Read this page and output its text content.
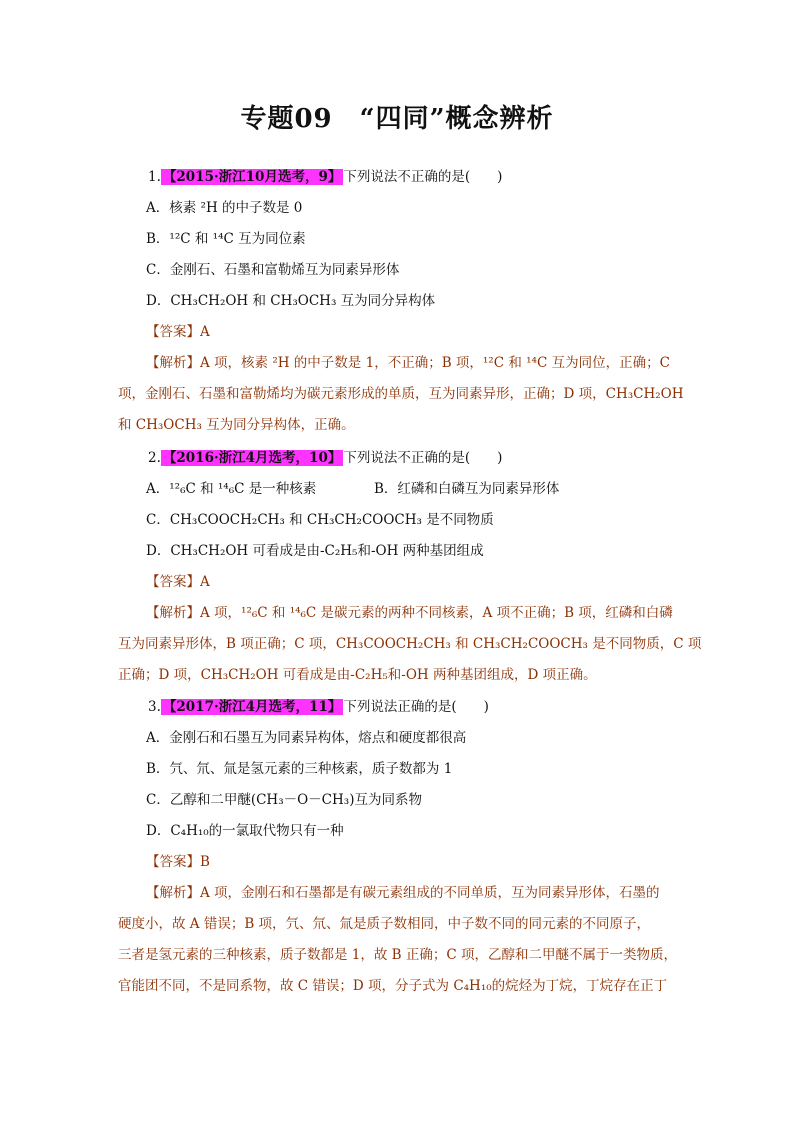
专题09　“四同”概念辨析
1. 【2015·浙江10月选考，9】 下列说法不正确的是(　　)
A．核素 ²H 的中子数是 0
B．¹²C 和 ¹⁴C 互为同位素
C．金刚石、石墨和富勒烯互为同素异形体
D．CH₃CH₂OH 和 CH₃OCH₃ 互为同分异构体
【答案】A
【解析】A 项，核素 ²H 的中子数是 1，不正确；B 项，¹²C 和 ¹⁴C 互为同位，正确；C
项，金刚石、石墨和富勒烯均为碳元素形成的单质，互为同素异形，正确；D 项，CH₃CH₂OH
和 CH₃OCH₃ 互为同分异构体，正确。
2. 【2016·浙江4月选考，10】 下列说法不正确的是(　　)
A．¹²₆C 和 ¹⁴₆C 是一种核素	B．红磷和白磷互为同素异形体
C．CH₃COOCH₂CH₃ 和 CH₃CH₂COOCH₃ 是不同物质
D．CH₃CH₂OH 可看成是由-C₂H₅和-OH 两种基团组成
【答案】A
【解析】A 项，¹²₆C 和 ¹⁴₆C 是碳元素的两种不同核素，A 项不正确；B 项，红磷和白磷
互为同素异形体，B 项正确；C 项，CH₃COOCH₂CH₃ 和 CH₃CH₂COOCH₃ 是不同物质，C 项
正确；D 项，CH₃CH₂OH 可看成是由-C₂H₅和-OH 两种基团组成，D 项正确。
3. 【2017·浙江4月选考，11】 下列说法正确的是(　　)
A．金刚石和石墨互为同素异构体，熔点和硬度都很高
B．氕、氘、氚是氢元素的三种核素，质子数都为 1
C．乙醇和二甲醚(CH₃－O－CH₃)互为同系物
D．C₄H₁₀的一氯取代物只有一种
【答案】B
【解析】A 项，金刚石和石墨都是有碳元素组成的不同单质，互为同素异形体，石墨的
硬度小，故 A 错误；B 项，氕、氘、氚是质子数相同，中子数不同的同元素的不同原子，
三者是氢元素的三种核素，质子数都是 1，故 B 正确；C 项，乙醇和二甲醚不属于一类物质，
官能团不同，不是同系物，故 C 错误；D 项，分子式为 C₄H₁₀的烷烃为丁烷，丁烷存在正丁
